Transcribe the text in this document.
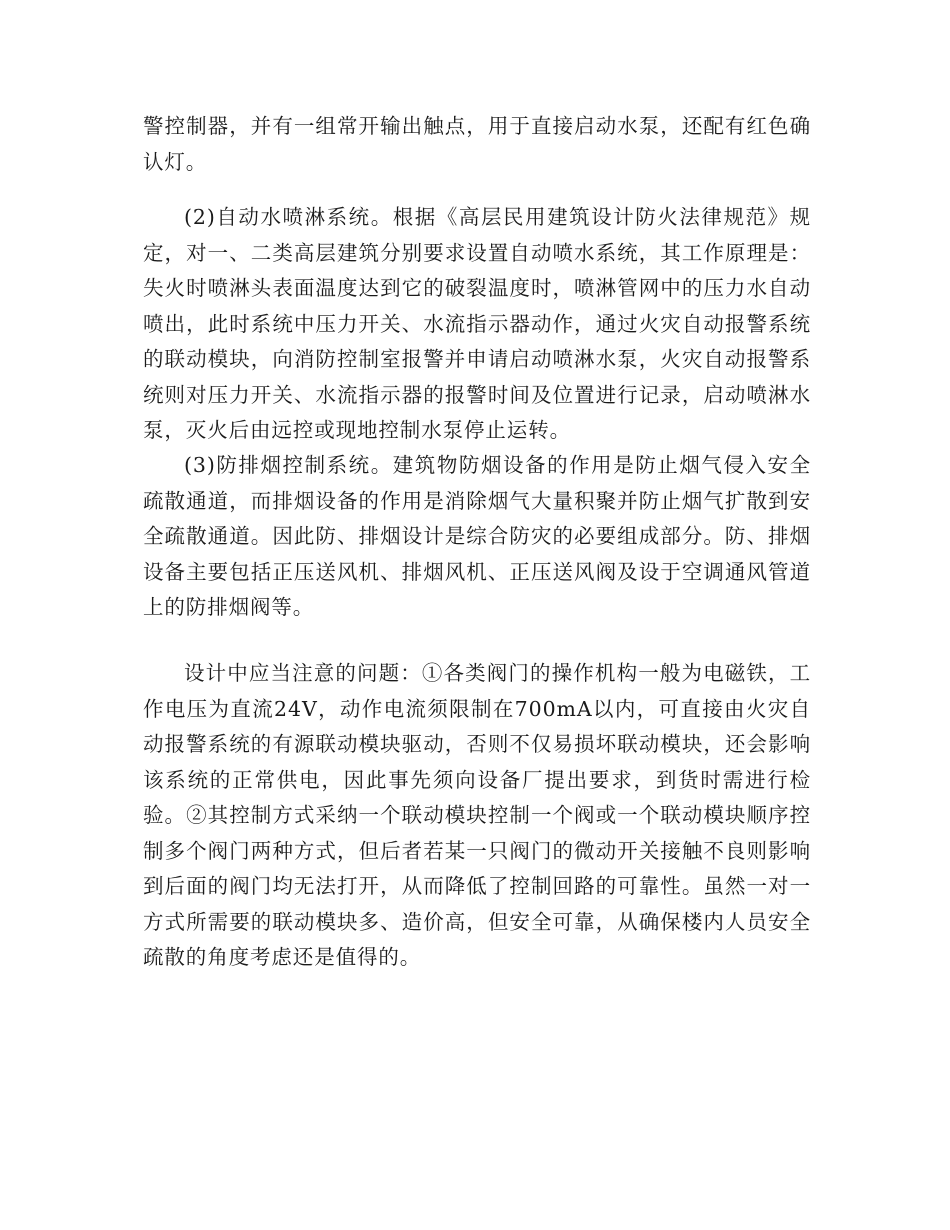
警控制器，并有一组常开输出触点，用于直接启动水泵，还配有红色确认灯。

(2)自动水喷淋系统。根据《高层民用建筑设计防火法律规范》规定，对一、二类高层建筑分别要求设置自动喷水系统，其工作原理是：失火时喷淋头表面温度达到它的破裂温度时，喷淋管网中的压力水自动喷出，此时系统中压力开关、水流指示器动作，通过火灾自动报警系统的联动模块，向消防控制室报警并申请启动喷淋水泵，火灾自动报警系统则对压力开关、水流指示器的报警时间及位置进行记录，启动喷淋水泵，灭火后由远控或现地控制水泵停止运转。

(3)防排烟控制系统。建筑物防烟设备的作用是防止烟气侵入安全疏散通道，而排烟设备的作用是消除烟气大量积聚并防止烟气扩散到安全疏散通道。因此防、排烟设计是综合防灾的必要组成部分。防、排烟设备主要包括正压送风机、排烟风机、正压送风阀及设于空调通风管道上的防排烟阀等。

设计中应当注意的问题：①各类阀门的操作机构一般为电磁铁，工作电压为直流24V，动作电流须限制在700mA以内，可直接由火灾自动报警系统的有源联动模块驱动，否则不仅易损坏联动模块，还会影响该系统的正常供电，因此事先须向设备厂提出要求，到货时需进行检验。②其控制方式采纳一个联动模块控制一个阀或一个联动模块顺序控制多个阀门两种方式，但后者若某一只阀门的微动开关接触不良则影响到后面的阀门均无法打开，从而降低了控制回路的可靠性。虽然一对一方式所需要的联动模块多、造价高，但安全可靠，从确保楼内人员安全疏散的角度考虑还是值得的。
